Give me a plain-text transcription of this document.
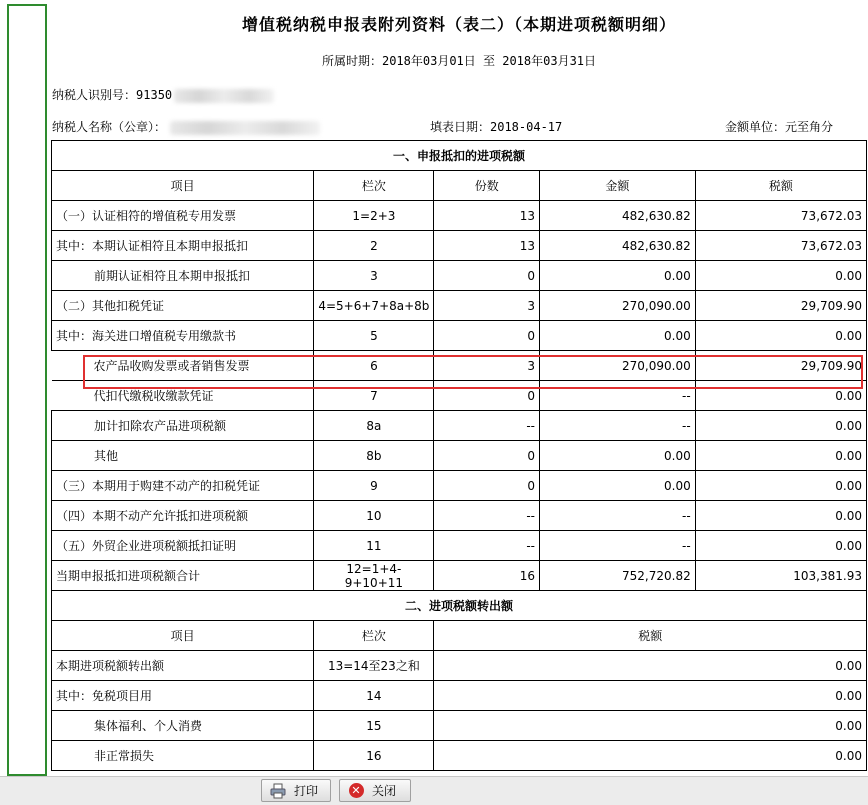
增值税纳税申报表附列资料（表二）（本期进项税额明细）
所属时期：2018年03月01日 至 2018年03月31日
纳税人识别号：91350
纳税人名称（公章）：	填表日期：2018-04-17	金额单位：元至角分
一、申报抵扣的进项税额				
项目	栏次	份数	金额	税额
（一）认证相符的增值税专用发票	1=2+3	13	482,630.82	73,672.03
其中：本期认证相符且本期申报抵扣	2	13	482,630.82	73,672.03
前期认证相符且本期申报抵扣	3	0	0.00	0.00
（二）其他扣税凭证	4=5+6+7+8a+8b	3	270,090.00	29,709.90
其中：海关进口增值税专用缴款书	5	0	0.00	0.00
农产品收购发票或者销售发票	6	3	270,090.00	29,709.90
代扣代缴税收缴款凭证	7	0	--	0.00
加计扣除农产品进项税额	8a	--	--	0.00
其他	8b	0	0.00	0.00
（三）本期用于购建不动产的扣税凭证	9	0	0.00	0.00
（四）本期不动产允许抵扣进项税额	10	--	--	0.00
（五）外贸企业进项税额抵扣证明	11	--	--	0.00
当期申报抵扣进项税额合计	12=1+4-9+10+11	16	752,720.82	103,381.93
二、进项税额转出额				
项目	栏次	税额		
本期进项税额转出额	13=14至23之和	0.00		
其中：免税项目用	14	0.00		
集体福利、个人消费	15	0.00		
非正常损失	16	0.00		
打印	✕ 关闭
